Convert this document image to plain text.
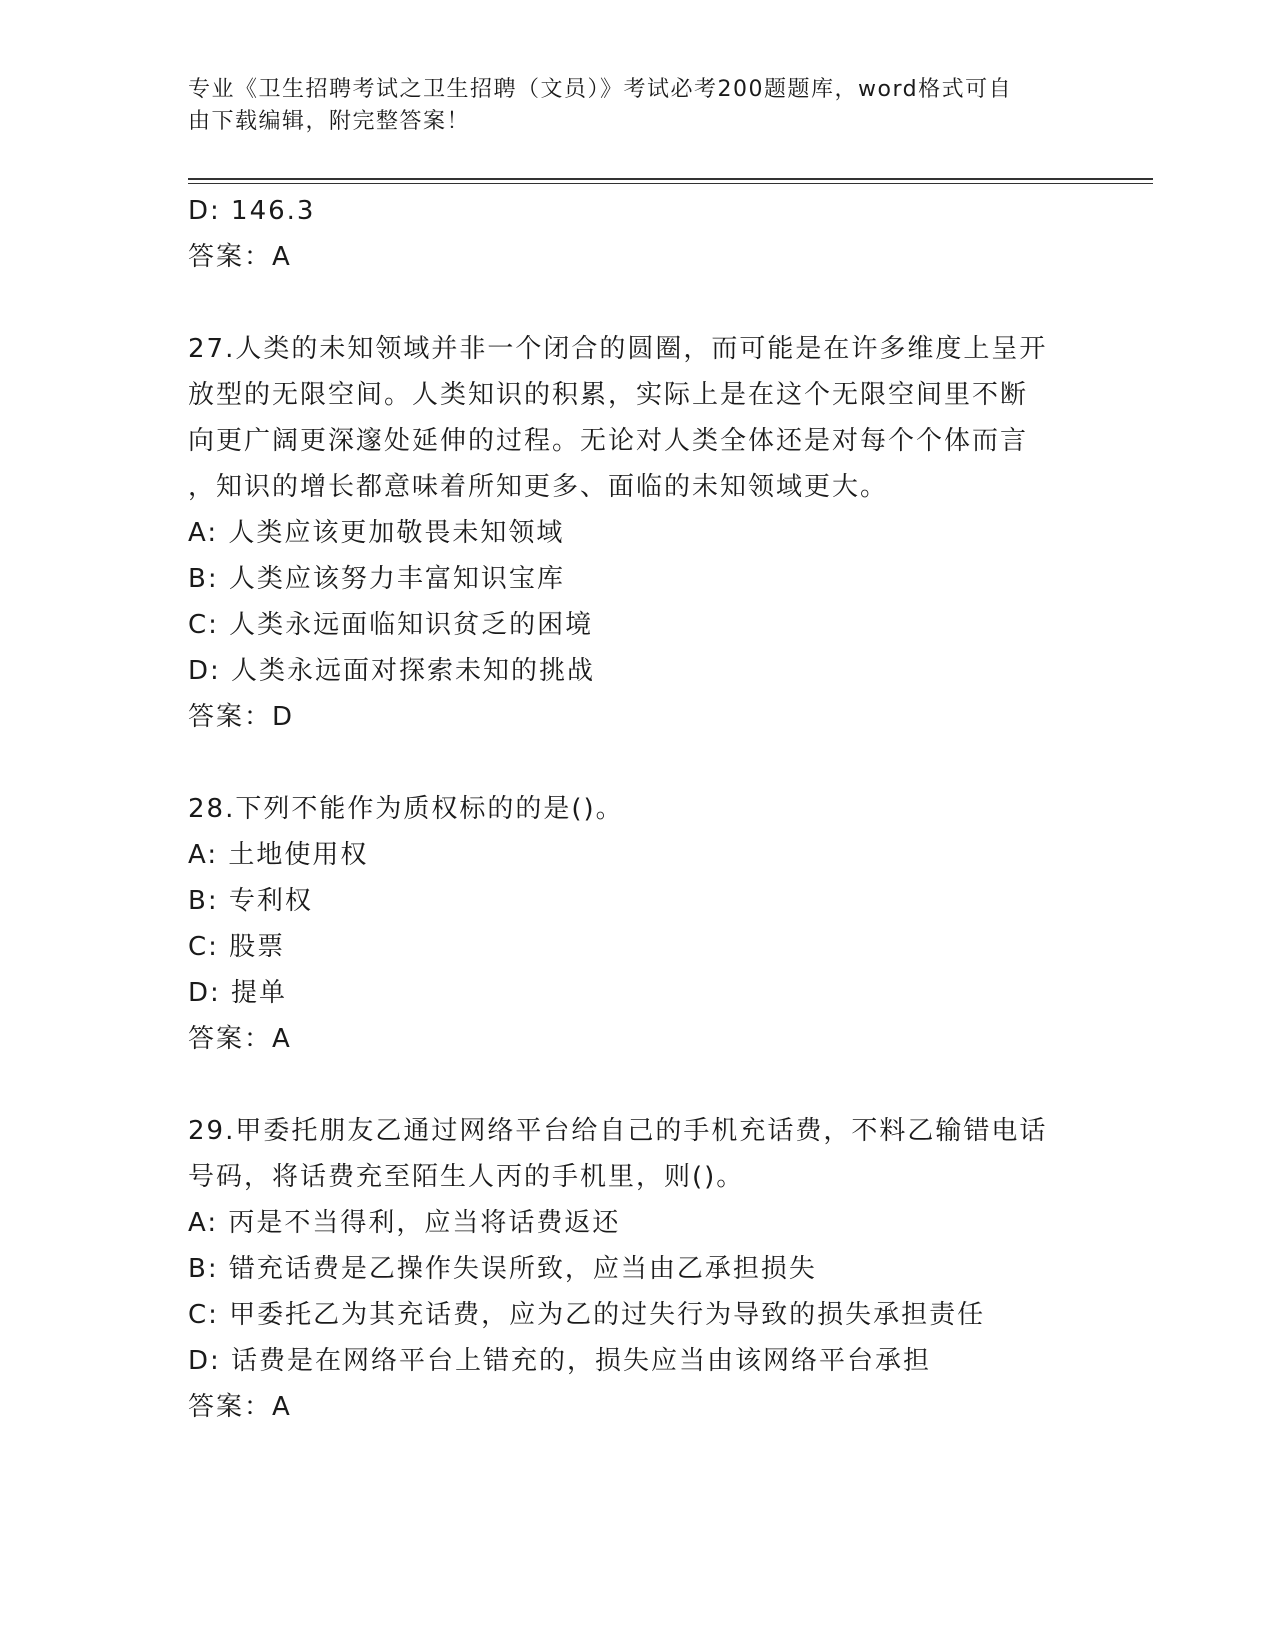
专业《卫生招聘考试之卫生招聘（文员）》考试必考200题题库，word格式可自
由下载编辑，附完整答案！

D: 146.3

答案：A

27.人类的未知领域并非一个闭合的圆圈，而可能是在许多维度上呈开

放型的无限空间。人类知识的积累，实际上是在这个无限空间里不断

向更广阔更深邃处延伸的过程。无论对人类全体还是对每个个体而言

，知识的增长都意味着所知更多、面临的未知领域更大。

A: 人类应该更加敬畏未知领域

B: 人类应该努力丰富知识宝库

C: 人类永远面临知识贫乏的困境

D: 人类永远面对探索未知的挑战

答案：D

28.下列不能作为质权标的的是()。

A: 土地使用权

B: 专利权

C: 股票

D: 提单

答案：A

29.甲委托朋友乙通过网络平台给自己的手机充话费，不料乙输错电话

号码，将话费充至陌生人丙的手机里，则()。

A: 丙是不当得利，应当将话费返还

B: 错充话费是乙操作失误所致，应当由乙承担损失

C: 甲委托乙为其充话费，应为乙的过失行为导致的损失承担责任

D: 话费是在网络平台上错充的，损失应当由该网络平台承担

答案：A
